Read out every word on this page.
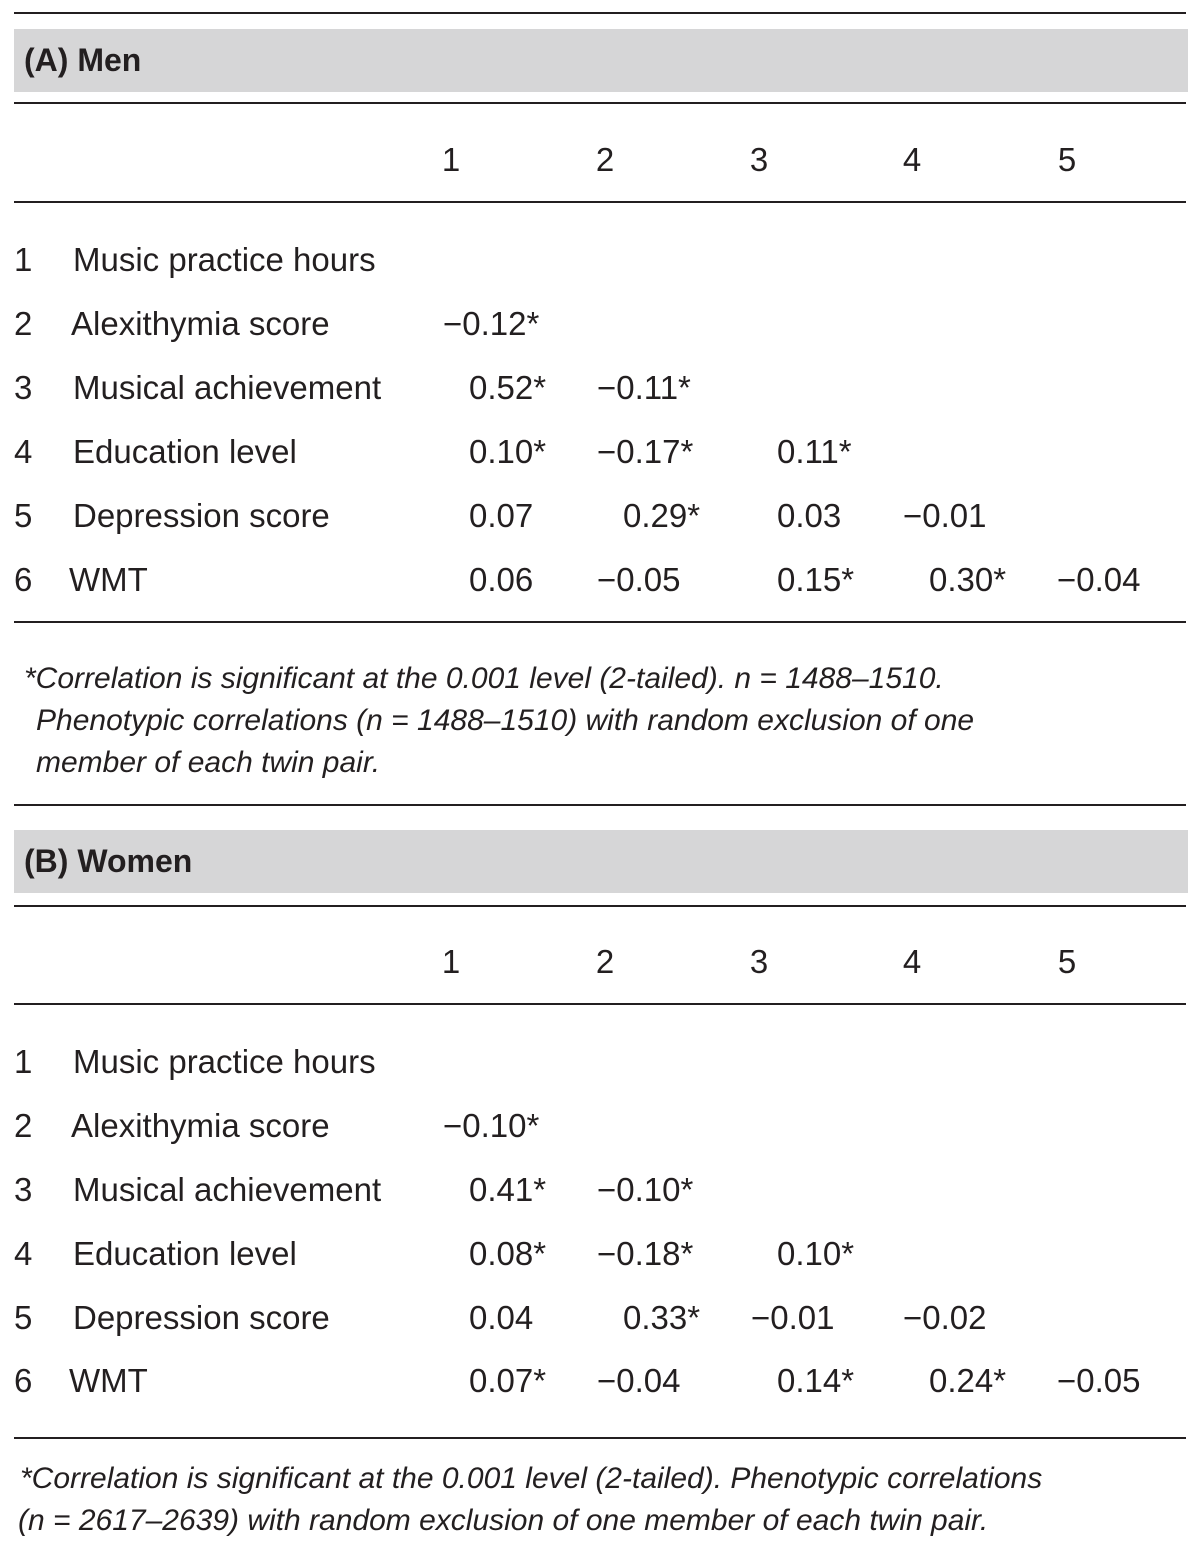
(A) Men
1	2	3	4	5
1 Music practice hours
2 Alexithymia score	−0.12*
3 Musical achievement	0.52* −0.11*
4 Education level	0.10* −0.17*	0.11*
5 Depression score	0.07	0.29* 0.03 −0.01
6 WMT	0.06 −0.05	0.15* 0.30* −0.04
*Correlation is significant at the 0.001 level (2-tailed). n = 1488–1510.
Phenotypic correlations (n = 1488–1510) with random exclusion of one
member of each twin pair.
(B) Women
1	2	3	4	5
1 Music practice hours
2 Alexithymia score	−0.10*
3 Musical achievement	0.41* −0.10*
4 Education level	0.08* −0.18*	0.10*
5 Depression score	0.04	0.33* −0.01 −0.02
6 WMT	0.07* −0.04	0.14* 0.24* −0.05
*Correlation is significant at the 0.001 level (2-tailed). Phenotypic correlations
(n = 2617–2639) with random exclusion of one member of each twin pair.
